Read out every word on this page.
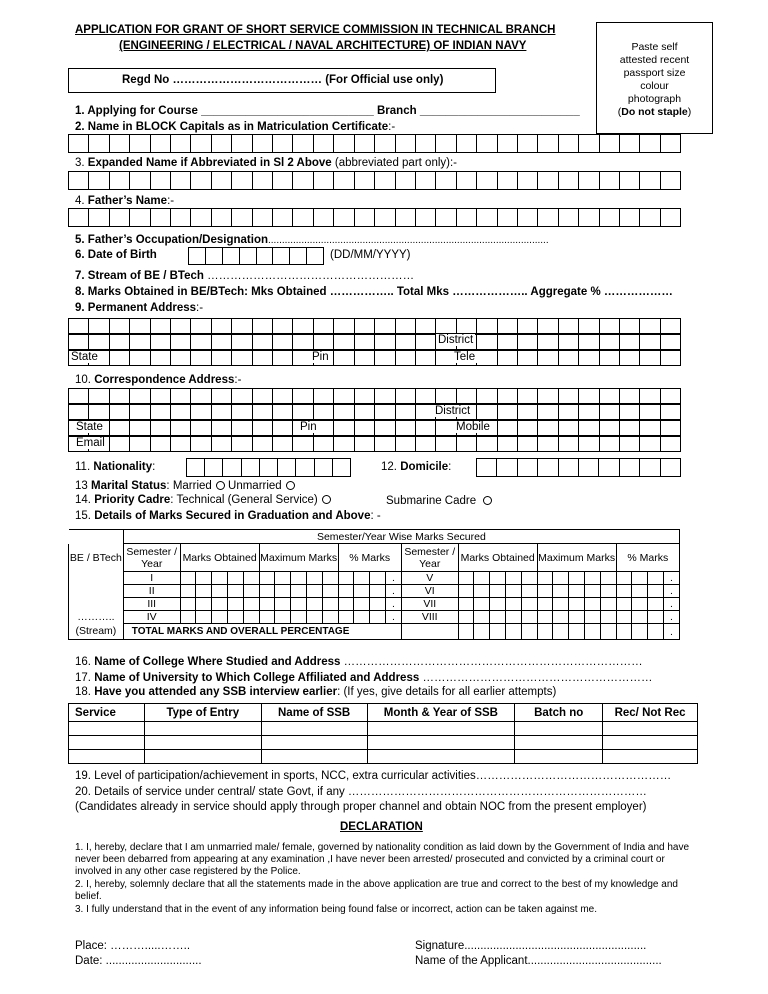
APPLICATION FOR GRANT OF SHORT SERVICE COMMISSION IN TECHNICAL BRANCH
(ENGINEERING / ELECTRICAL / NAVAL ARCHITECTURE) OF INDIAN NAVY	Paste self
attested recent
passport size
colour
photograph
(Do not staple)
Regd No ………………………………… (For Official use only)
1. Applying for Course ___________________________ Branch _________________________
2. Name in BLOCK Capitals as in Matriculation Certificate:-
3. Expanded Name if Abbreviated in Sl 2 Above (abbreviated part only):-
4. Father’s Name:-
5. Father’s Occupation/Designation.....................................................................................................
6. Date of Birth	(DD/MM/YYYY)
7. Stream of BE / BTech ………………………………………………
8. Marks Obtained in BE/BTech: Mks Obtained …………….. Total Mks ……………….. Aggregate % ………………
9. Permanent Address:-
District
State	Pin	Tele
10. Correspondence Address:-
District
State	Pin	Mobile
Email
11. Nationality:	12. Domicile:
13 Marital Status: Married Unmarried
14. Priority Cadre: Technical (General Service)	Submarine Cadre
15. Details of Marks Secured in Graduation and Above: -
	Semester/Year Wise Marks Secured																													
BE / BTech	Semester / Year	Marks Obtained					Maximum Marks					% Marks				Semester / Year	Marks Obtained					Maximum Marks					% Marks			
	I														.	V														.
	II														.	VI														.
	III														.	VII														.
………..	IV														.	VIII														.
(Stream)	TOTAL MARKS AND OVERALL PERCENTAGE																													.
16. Name of College Where Studied and Address ……………………………………………………………………
17. Name of University to Which College Affiliated and Address ……………………………………………………
18. Have you attended any SSB interview earlier: (If yes, give details for all earlier attempts)
Service	Type of Entry	Name of SSB	Month & Year of SSB	Batch no	Rec/ Not Rec

19. Level of participation/achievement in sports, NCC, extra curricular activities……………………………………………
20. Details of service under central/ state Govt, if any ……………………………………………………………………
(Candidates already in service should apply through proper channel and obtain NOC from the present employer)
DECLARATION
1. I, hereby, declare that I am unmarried male/ female, governed by nationality condition as laid down by the Government of India and have never been debarred from appearing at any examination ,I have never been arrested/ prosecuted and convicted by a criminal court or involved in any other case registered by the Police.
2. I, hereby, solemnly declare that all the statements made in the above application are true and correct to the best of my knowledge and belief.
3. I fully understand that in the event of any information being found false or incorrect, action can be taken against me.
Place: ……….....……..
Date: ..............................
Signature.........................................................
Name of the Applicant..........................................
